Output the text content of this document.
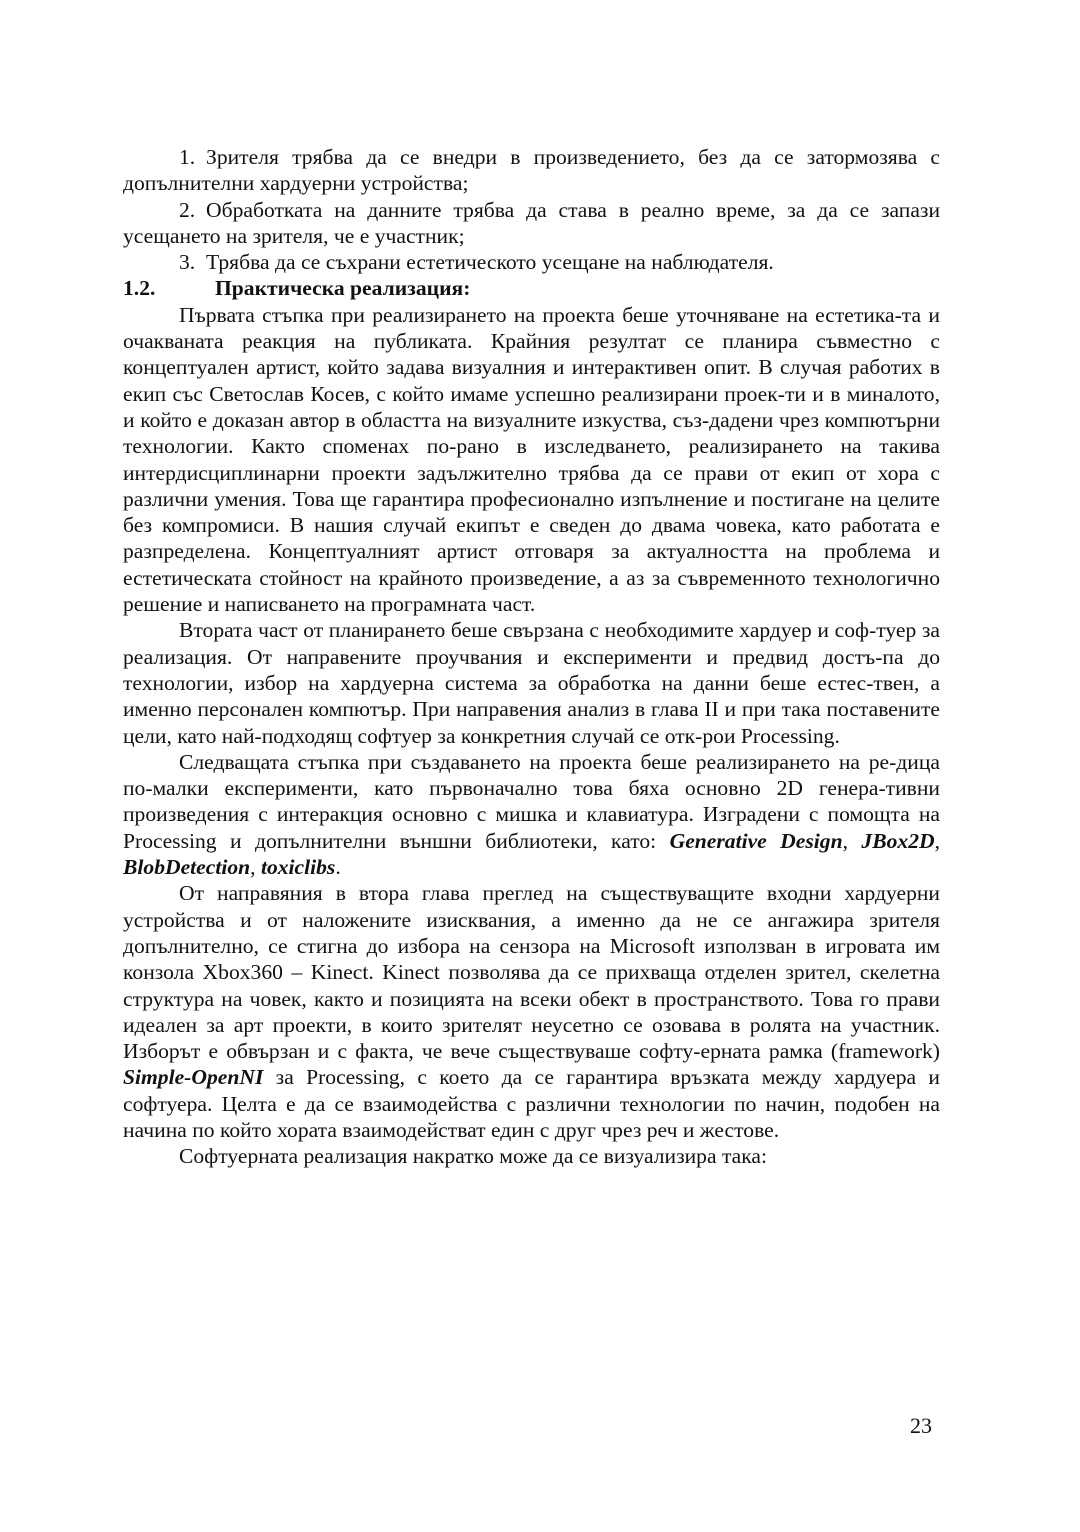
1. Зрителя трябва да се внедри в произведението, без да се затормозява с допълнителни хардуерни устройства;

2. Обработката на данните трябва да става в реално време, за да се запази усещането на зрителя, че е участник;

3. Трябва да се съхрани естетическото усещане на наблюдателя.

1.2.	Практическа реализация:

Първата стъпка при реализирането на проекта беше уточняване на естетика-та и очакваната реакция на публиката. Крайния резултат се планира съвместно с концептуален артист, който задава визуалния и интерактивен опит. В случая работих в екип със Светослав Косев, с който имаме успешно реализирани проек-ти и в миналото, и който е доказан автор в областта на визуалните изкуства, съз-дадени чрез компютърни технологии. Както споменах по-рано в изследването, реализирането на такива интердисциплинарни проекти задължително трябва да се прави от екип от хора с различни умения. Това ще гарантира професионално изпълнение и постигане на целите без компромиси. В нашия случай екипът е сведен до двама човека, като работата е разпределена. Концептуалният артист отговаря за актуалността на проблема и естетическата стойност на крайното произведение, а аз за съвременното технологично решение и написването на програмната част.

Втората част от планирането беше свързана с необходимите хардуер и соф-туер за реализация. От направените проучвания и експерименти и предвид достъ-па до технологии, избор на хардуерна система за обработка на данни беше естес-твен, а именно персонален компютър. При направения анализ в глава II и при така поставените цели, като най-подходящ софтуер за конкретния случай се отк-рои Processing.

Следващата стъпка при създаването на проекта беше реализирането на ре-дица по-малки експерименти, като първоначално това бяха основно 2D генера-тивни произведения с интеракция основно с мишка и клавиатура. Изградени с помощта на Processing и допълнителни външни библиотеки, като: Generative Design, JBox2D, BlobDetection, toxiclibs.

От направяния в втора глава преглед на съществуващите входни хардуерни устройства и от наложените изисквания, а именно да не се ангажира зрителя допълнително, се стигна до избора на сензора на Microsoft използван в игровата им конзола Xbox360 – Kinect. Kinect позволява да се прихваща отделен зрител, скелетна структура на човек, както и позицията на всеки обект в пространството. Това го прави идеален за арт проекти, в които зрителят неусетно се озовава в ролята на участник. Изборът е обвързан и с факта, че вече съществуваше софту-ерната рамка (framework) Simple-OpenNI за Processing, с което да се гарантира връзката между хардуера и софтуера. Целта е да се взаимодейства с различни технологии по начин, подобен на начина по който хората взаимодействат един с друг чрез реч и жестове.

Софтуерната реализация накратко може да се визуализира така:

23
